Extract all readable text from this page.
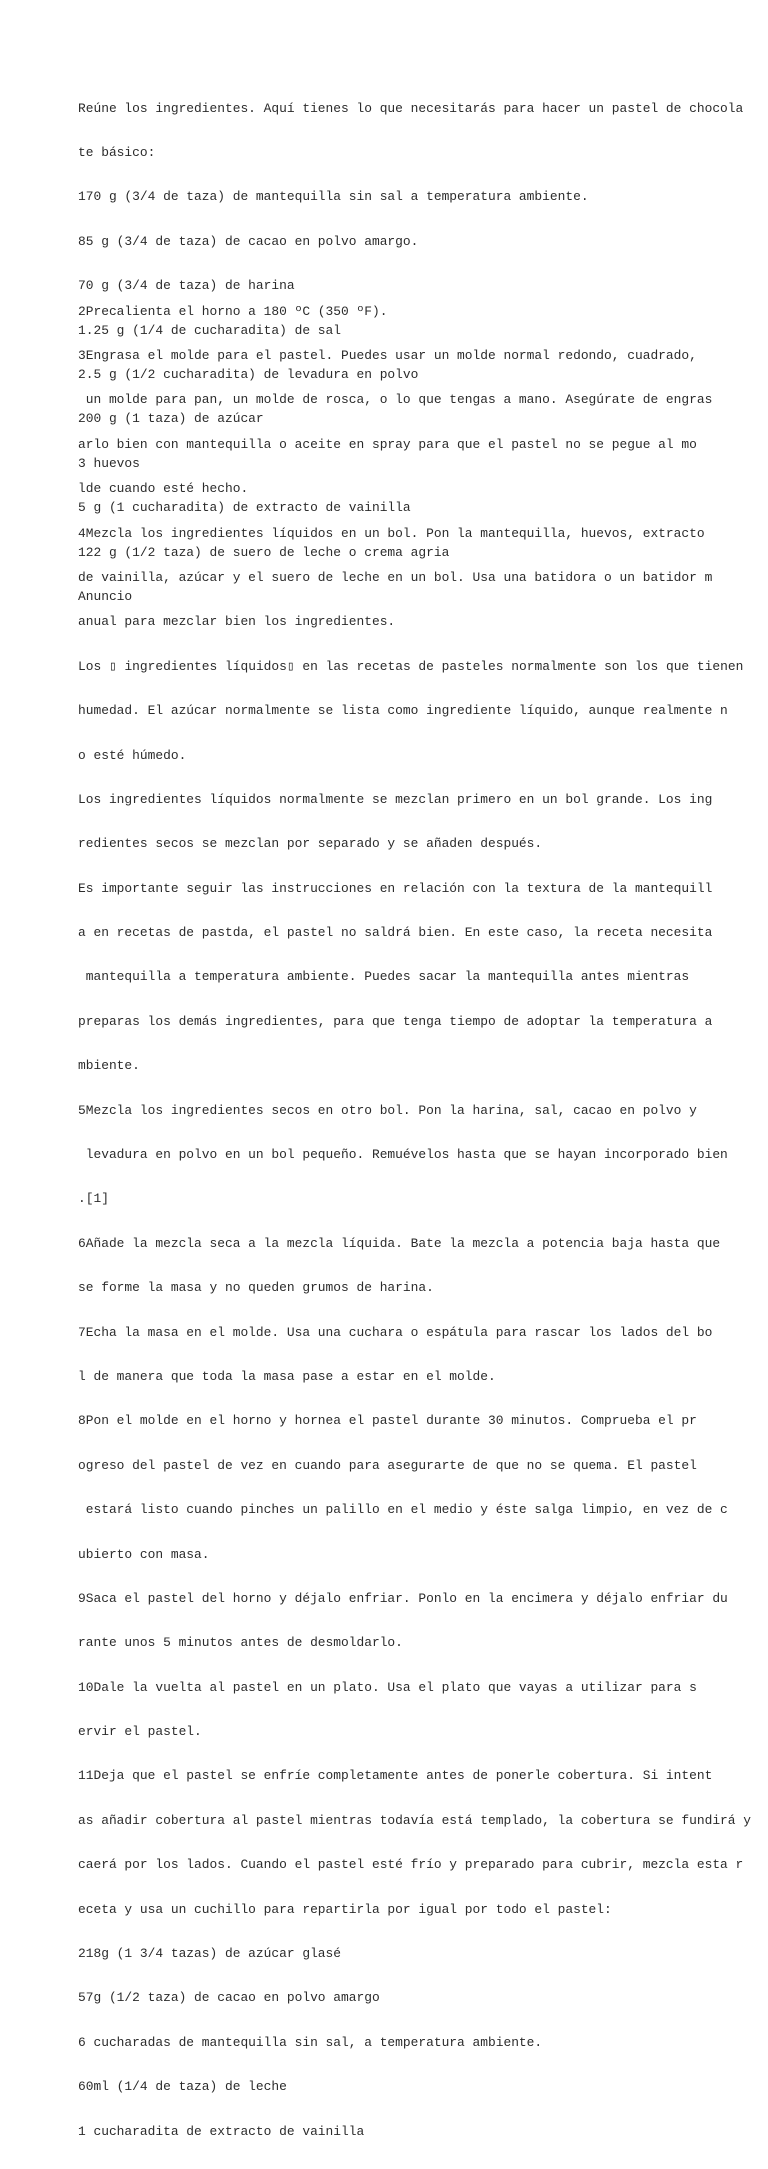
Reúne los ingredientes. Aquí tienes lo que necesitarás para hacer un pastel de chocola

te básico:

170 g (3/4 de taza) de mantequilla sin sal a temperatura ambiente.

85 g (3/4 de taza) de cacao en polvo amargo.

70 g (3/4 de taza) de harina

1.25 g (1/4 de cucharadita) de sal

2.5 g (1/2 cucharadita) de levadura en polvo

200 g (1 taza) de azúcar

3 huevos

5 g (1 cucharadita) de extracto de vainilla

122 g (1/2 taza) de suero de leche o crema agria

Anuncio

2Precalienta el horno a 180 ºC (350 ºF).

3Engrasa el molde para el pastel. Puedes usar un molde normal redondo, cuadrado,

un molde para pan, un molde de rosca, o lo que tengas a mano. Asegúrate de engras

arlo bien con mantequilla o aceite en spray para que el pastel no se pegue al mo

lde cuando esté hecho.

4Mezcla los ingredientes líquidos en un bol. Pon la mantequilla, huevos, extracto

de vainilla, azúcar y el suero de leche en un bol. Usa una batidora o un batidor m

anual para mezclar bien los ingredientes.

Los ▯ ingredientes líquidos▯ en las recetas de pasteles normalmente son los que tienen

humedad. El azúcar normalmente se lista como ingrediente líquido, aunque realmente n

o esté húmedo.

Los ingredientes líquidos normalmente se mezclan primero en un bol grande. Los ing

redientes secos se mezclan por separado y se añaden después.

Es importante seguir las instrucciones en relación con la textura de la mantequill

a en recetas de pastda, el pastel no saldrá bien. En este caso, la receta necesita

mantequilla a temperatura ambiente. Puedes sacar la mantequilla antes mientras

preparas los demás ingredientes, para que tenga tiempo de adoptar la temperatura a

mbiente.

5Mezcla los ingredientes secos en otro bol. Pon la harina, sal, cacao en polvo y

levadura en polvo en un bol pequeño. Remuévelos hasta que se hayan incorporado bien

.[1]

6Añade la mezcla seca a la mezcla líquida. Bate la mezcla a potencia baja hasta que

se forme la masa y no queden grumos de harina.

7Echa la masa en el molde. Usa una cuchara o espátula para rascar los lados del bo

l de manera que toda la masa pase a estar en el molde.

8Pon el molde en el horno y hornea el pastel durante 30 minutos. Comprueba el pr

ogreso del pastel de vez en cuando para asegurarte de que no se quema. El pastel

estará listo cuando pinches un palillo en el medio y éste salga limpio, en vez de c

ubierto con masa.

9Saca el pastel del horno y déjalo enfriar. Ponlo en la encimera y déjalo enfriar du

rante unos 5 minutos antes de desmoldarlo.

10Dale la vuelta al pastel en un plato. Usa el plato que vayas a utilizar para s

ervir el pastel.

11Deja que el pastel se enfríe completamente antes de ponerle cobertura. Si intent

as añadir cobertura al pastel mientras todavía está templado, la cobertura se fundirá y

caerá por los lados. Cuando el pastel esté frío y preparado para cubrir, mezcla esta r

eceta y usa un cuchillo para repartirla por igual por todo el pastel:

218g (1 3/4 tazas) de azúcar glasé

57g (1/2 taza) de cacao en polvo amargo

6 cucharadas de mantequilla sin sal, a temperatura ambiente.

60ml (1/4 de taza) de leche

1 cucharadita de extracto de vainilla
